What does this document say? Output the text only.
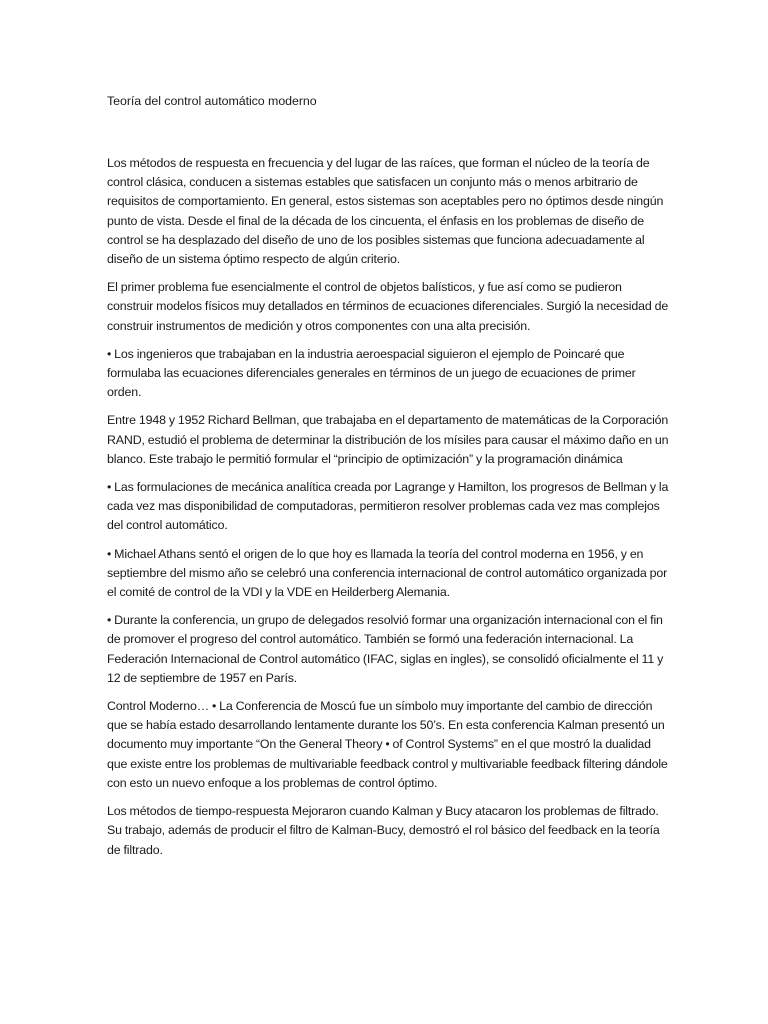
Teoría del control automático moderno

Los métodos de respuesta en frecuencia y del lugar de las raíces, que forman el núcleo de la teoría de control clásica, conducen a sistemas estables que satisfacen un conjunto más o menos arbitrario de requisitos de comportamiento. En general, estos sistemas son aceptables pero no óptimos desde ningún punto de vista. Desde el final de la década de los cincuenta, el énfasis en los problemas de diseño de control se ha desplazado del diseño de uno de los posibles sistemas que funciona adecuadamente al diseño de un sistema óptimo respecto de algún criterio.

El primer problema fue esencialmente el control de objetos balísticos, y fue así como se pudieron construir modelos físicos muy detallados en términos de ecuaciones diferenciales. Surgió la necesidad de construir instrumentos de medición y otros componentes con una alta precisión.

• Los ingenieros que trabajaban en la industria aeroespacial siguieron el ejemplo de Poincaré que formulaba las ecuaciones diferenciales generales en términos de un juego de ecuaciones de primer orden.

Entre 1948 y 1952 Richard Bellman, que trabajaba en el departamento de matemáticas de la Corporación RAND, estudió el problema de determinar la distribución de los mísiles para causar el máximo daño en un blanco. Este trabajo le permitió formular el “principio de optimización” y la programación dinámica

• Las formulaciones de mecánica analítica creada por Lagrange y Hamilton, los progresos de Bellman y la cada vez mas disponibilidad de computadoras, permitieron resolver problemas cada vez mas complejos del control automático.

• Michael Athans sentó el origen de lo que hoy es llamada la teoría del control moderna en 1956, y en septiembre del mismo año se celebró una conferencia internacional de control automático organizada por el comité de control de la VDI y la VDE en Heilderberg Alemania.

• Durante la conferencia, un grupo de delegados resolvió formar una organización internacional con el fin de promover el progreso del control automático. También se formó una federación internacional. La Federación Internacional de Control automático (IFAC, siglas en ingles), se consolidó oficialmente el 11 y 12 de septiembre de 1957 en París.

Control Moderno… • La Conferencia de Moscú fue un símbolo muy importante del cambio de dirección que se había estado desarrollando lentamente durante los 50’s. En esta conferencia Kalman presentó un documento muy importante “On the General Theory • of Control Systems” en el que mostró la dualidad que existe entre los problemas de multivariable feedback control y multivariable feedback filtering dándole con esto un nuevo enfoque a los problemas de control óptimo.

Los métodos de tiempo-respuesta Mejoraron cuando Kalman y Bucy atacaron los problemas de filtrado. Su trabajo, además de producir el filtro de Kalman-Bucy, demostró el rol básico del feedback en la teoría de filtrado.
